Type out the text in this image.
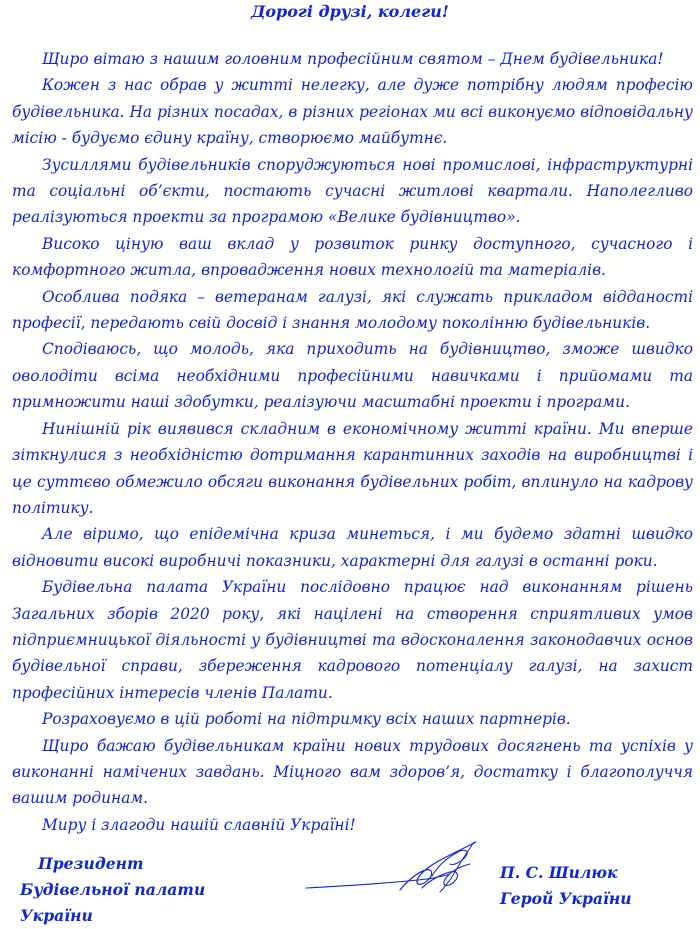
Дорогі друзі, колеги!

Щиро вітаю з нашим головним професійним святом – Днем будівельника!

Кожен з нас обрав у житті нелегку, але дуже потрібну людям професію будівельника. На різних посадах, в різних регіонах ми всі виконуємо відповідальну місію - будуємо єдину країну, створюємо майбутнє.

Зусиллями будівельників споруджуються нові промислові, інфраструктурні та соціальні об’єкти, постають сучасні житлові квартали. Наполегливо реалізуються проекти за програмою «Велике будівництво».

Високо ціную ваш вклад у розвиток ринку доступного, сучасного і комфортного житла, впровадження нових технологій та матеріалів.

Особлива подяка – ветеранам галузі, які служать прикладом відданості професії, передають свій досвід і знання молодому поколінню будівельників.

Сподіваюсь, що молодь, яка приходить на будівництво, зможе швидко оволодіти всіма необхідними професійними навичками і прийомами та примножити наші здобутки, реалізуючи масштабні проекти і програми.

Нинішній рік виявився складним в економічному житті країни. Ми вперше зіткнулися з необхідністю дотримання карантинних заходів на виробництві і це суттєво обмежило обсяги виконання будівельних робіт, вплинуло на кадрову політику.

Але віримо, що епідемічна криза минеться, і ми будемо здатні швидко відновити високі виробничі показники, характерні для галузі в останні роки.

Будівельна палата України послідовно працює над виконанням рішень Загальних зборів 2020 року, які націлені на створення сприятливих умов підприємницької діяльності у будівництві та вдосконалення законодавчих основ будівельної справи, збереження кадрового потенціалу галузі, на захист професійних інтересів членів Палати.

Розраховуємо в цій роботі на підтримку всіх наших партнерів.

Щиро бажаю будівельникам країни нових трудових досягнень та успіхів у виконанні намічених завдань. Міцного вам здоров’я, достатку і благополуччя вашим родинам.

Миру і злагоди нашій славній Україні!

Президент
Будівельної палати України
П. С. Шилюк
Герой України
